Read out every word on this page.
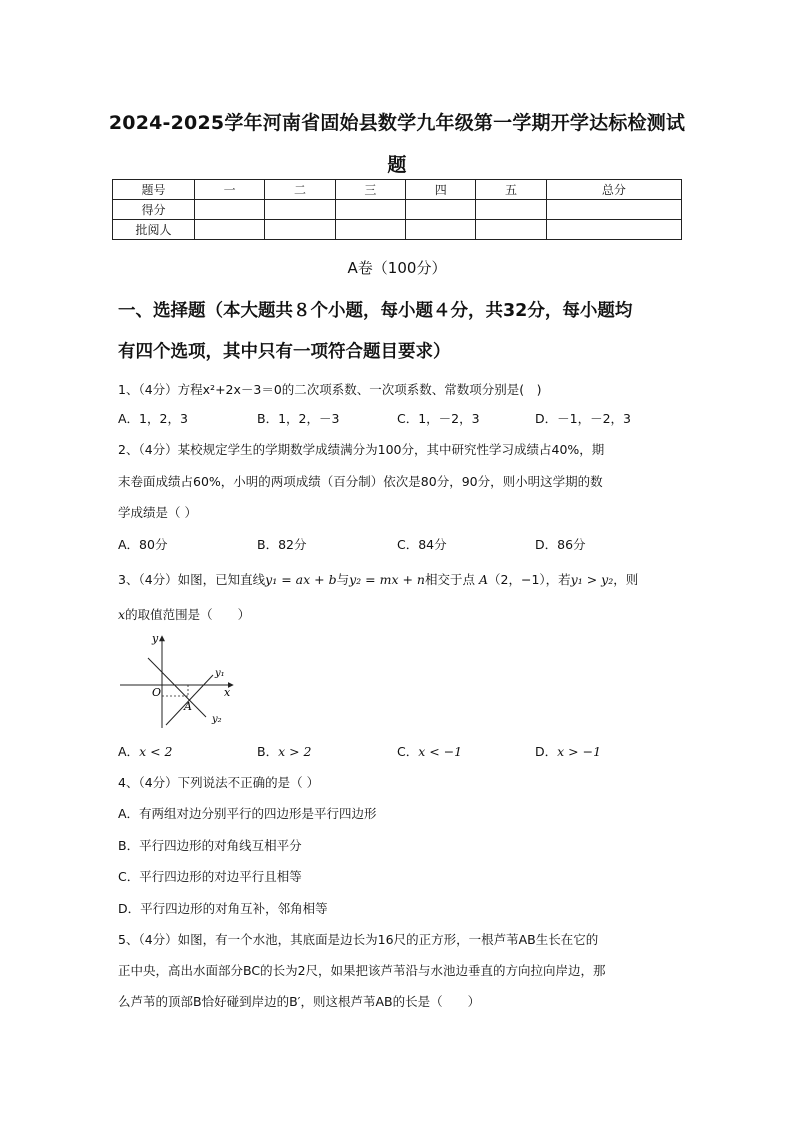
2024-2025学年河南省固始县数学九年级第一学期开学达标检测试
题
题号	一	二	三	四	五	总分
得分						
批阅人						
A卷（100分）
一、选择题（本大题共８个小题，每小题４分，共32分，每小题均
有四个选项，其中只有一项符合题目要求）
1、（4分）方程x²+2x－3＝0的二次项系数、一次项系数、常数项分别是(　)
A．1，2，3	B．1，2，－3	C．1，－2，3	D．－1，－2，3
2、（4分）某校规定学生的学期数学成绩满分为100分，其中研究性学习成绩占40%，期
末卷面成绩占60%，小明的两项成绩（百分制）依次是80分，90分，则小明这学期的数
学成绩是（ ）
A．80分	B．82分	C．84分	D．86分
3、（4分）如图，已知直线y₁ = ax + b与y₂ = mx + n相交于点 A（2，−1），若y₁ > y₂，则
x的取值范围是（　　）
y
x
O
A
y₁
y₂
A．x < 2	B．x > 2	C．x < −1	D．x > −1
4、（4分）下列说法不正确的是（ ）
A．有两组对边分别平行的四边形是平行四边形
B．平行四边形的对角线互相平分
C．平行四边形的对边平行且相等
D．平行四边形的对角互补，邻角相等
5、（4分）如图，有一个水池，其底面是边长为16尺的正方形，一根芦苇AB生长在它的
正中央，高出水面部分BC的长为2尺，如果把该芦苇沿与水池边垂直的方向拉向岸边，那
么芦苇的顶部B恰好碰到岸边的B′，则这根芦苇AB的长是（　　）
